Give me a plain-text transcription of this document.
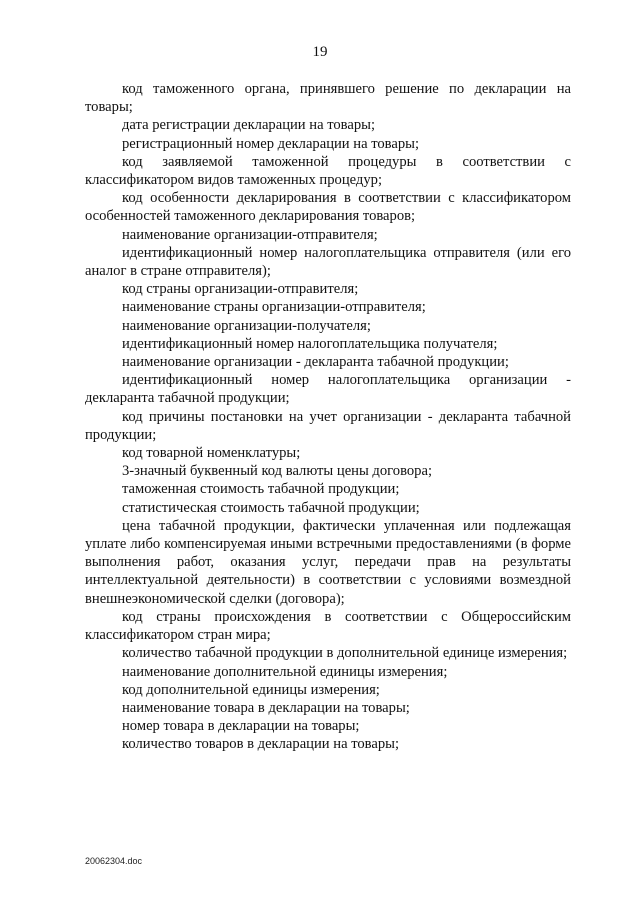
19

код таможенного органа, принявшего решение по декларации на товары;

дата регистрации декларации на товары;

регистрационный номер декларации на товары;

код заявляемой таможенной процедуры в соответствии с классификатором видов таможенных процедур;

код особенности декларирования в соответствии с классификатором особенностей таможенного декларирования товаров;

наименование организации-отправителя;

идентификационный номер налогоплательщика отправителя (или его аналог в стране отправителя);

код страны организации-отправителя;

наименование страны организации-отправителя;

наименование организации-получателя;

идентификационный номер налогоплательщика получателя;

наименование организации - декларанта табачной продукции;

идентификационный номер налогоплательщика организации - декларанта табачной продукции;

код причины постановки на учет организации - декларанта табачной продукции;

код товарной номенклатуры;

3-значный буквенный код валюты цены договора;

таможенная стоимость табачной продукции;

статистическая стоимость табачной продукции;

цена табачной продукции, фактически уплаченная или подлежащая уплате либо компенсируемая иными встречными предоставлениями (в форме выполнения работ, оказания услуг, передачи прав на результаты интеллектуальной деятельности) в соответствии с условиями возмездной внешнеэкономической сделки (договора);

код страны происхождения в соответствии с Общероссийским классификатором стран мира;

количество табачной продукции в дополнительной единице измерения;

наименование дополнительной единицы измерения;

код дополнительной единицы измерения;

наименование товара в декларации на товары;

номер товара в декларации на товары;

количество товаров в декларации на товары;

20062304.doc
